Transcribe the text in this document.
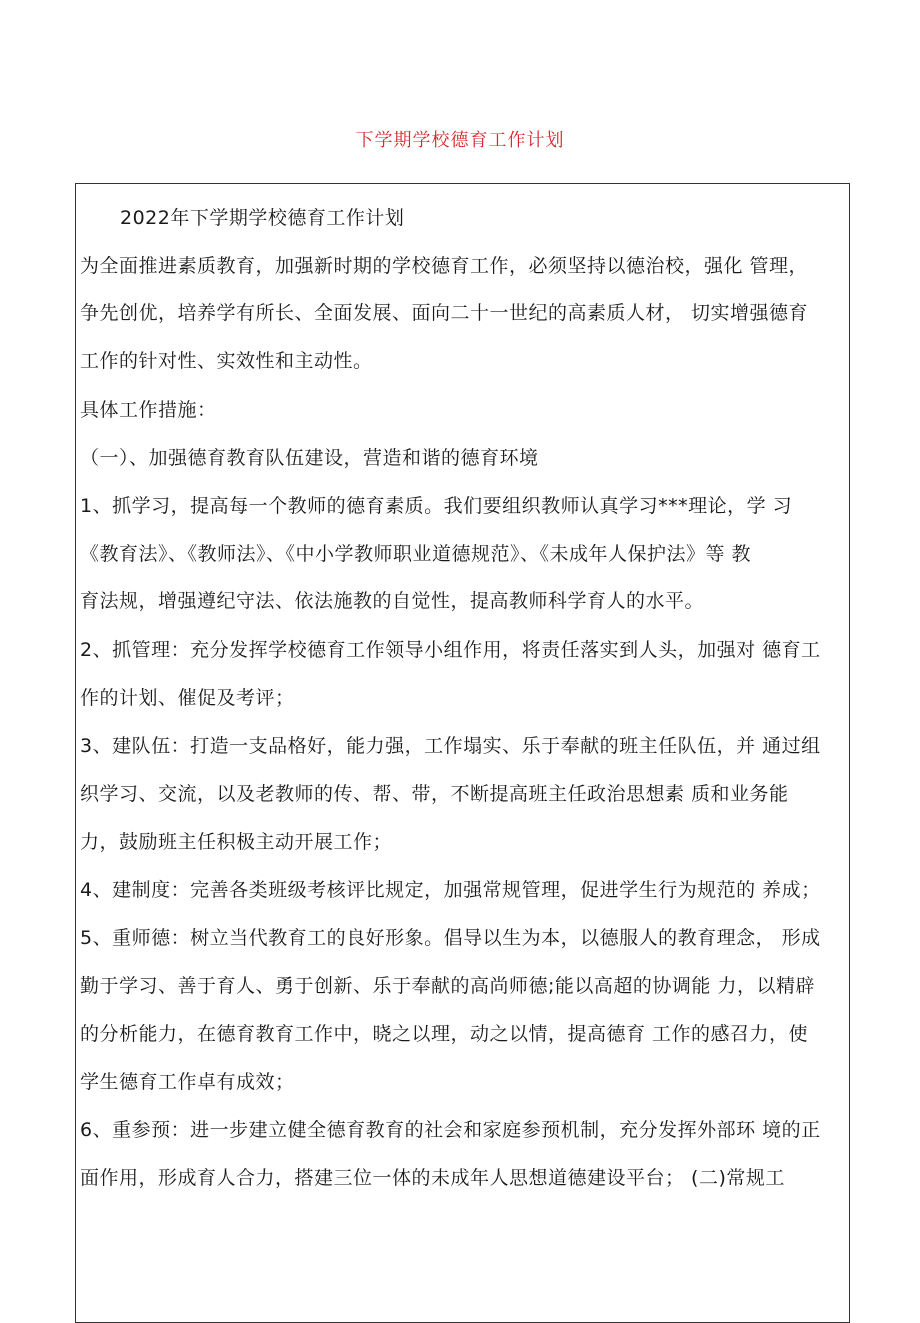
下学期学校德育工作计划
2022年下学期学校德育工作计划
为全面推进素质教育，加强新时期的学校德育工作，必须坚持以德治校，强化 管理，
争先创优，培养学有所长、全面发展、面向二十一世纪的高素质人材， 切实增强德育
工作的针对性、实效性和主动性。
具体工作措施：
（一）、加强德育教育队伍建设，营造和谐的德育环境
1、抓学习，提高每一个教师的德育素质。我们要组织教师认真学习***理论，学 习
《教育法》、《教师法》、《中小学教师职业道德规范》、《未成年人保护法》等 教
育法规，增强遵纪守法、依法施教的自觉性，提高教师科学育人的水平。
2、抓管理：充分发挥学校德育工作领导小组作用，将责任落实到人头，加强对 德育工
作的计划、催促及考评；
3、建队伍：打造一支品格好，能力强，工作塌实、乐于奉献的班主任队伍，并 通过组
织学习、交流，以及老教师的传、帮、带，不断提高班主任政治思想素 质和业务能
力，鼓励班主任积极主动开展工作；
4、建制度：完善各类班级考核评比规定，加强常规管理，促进学生行为规范的 养成；
5、重师德：树立当代教育工的良好形象。倡导以生为本，以德服人的教育理念， 形成
勤于学习、善于育人、勇于创新、乐于奉献的高尚师德;能以高超的协调能 力，以精辟
的分析能力，在德育教育工作中，晓之以理，动之以情，提高德育 工作的感召力，使
学生德育工作卓有成效；
6、重参预：进一步建立健全德育教育的社会和家庭参预机制，充分发挥外部环 境的正
面作用，形成育人合力，搭建三位一体的未成年人思想道德建设平台； (二)常规工
